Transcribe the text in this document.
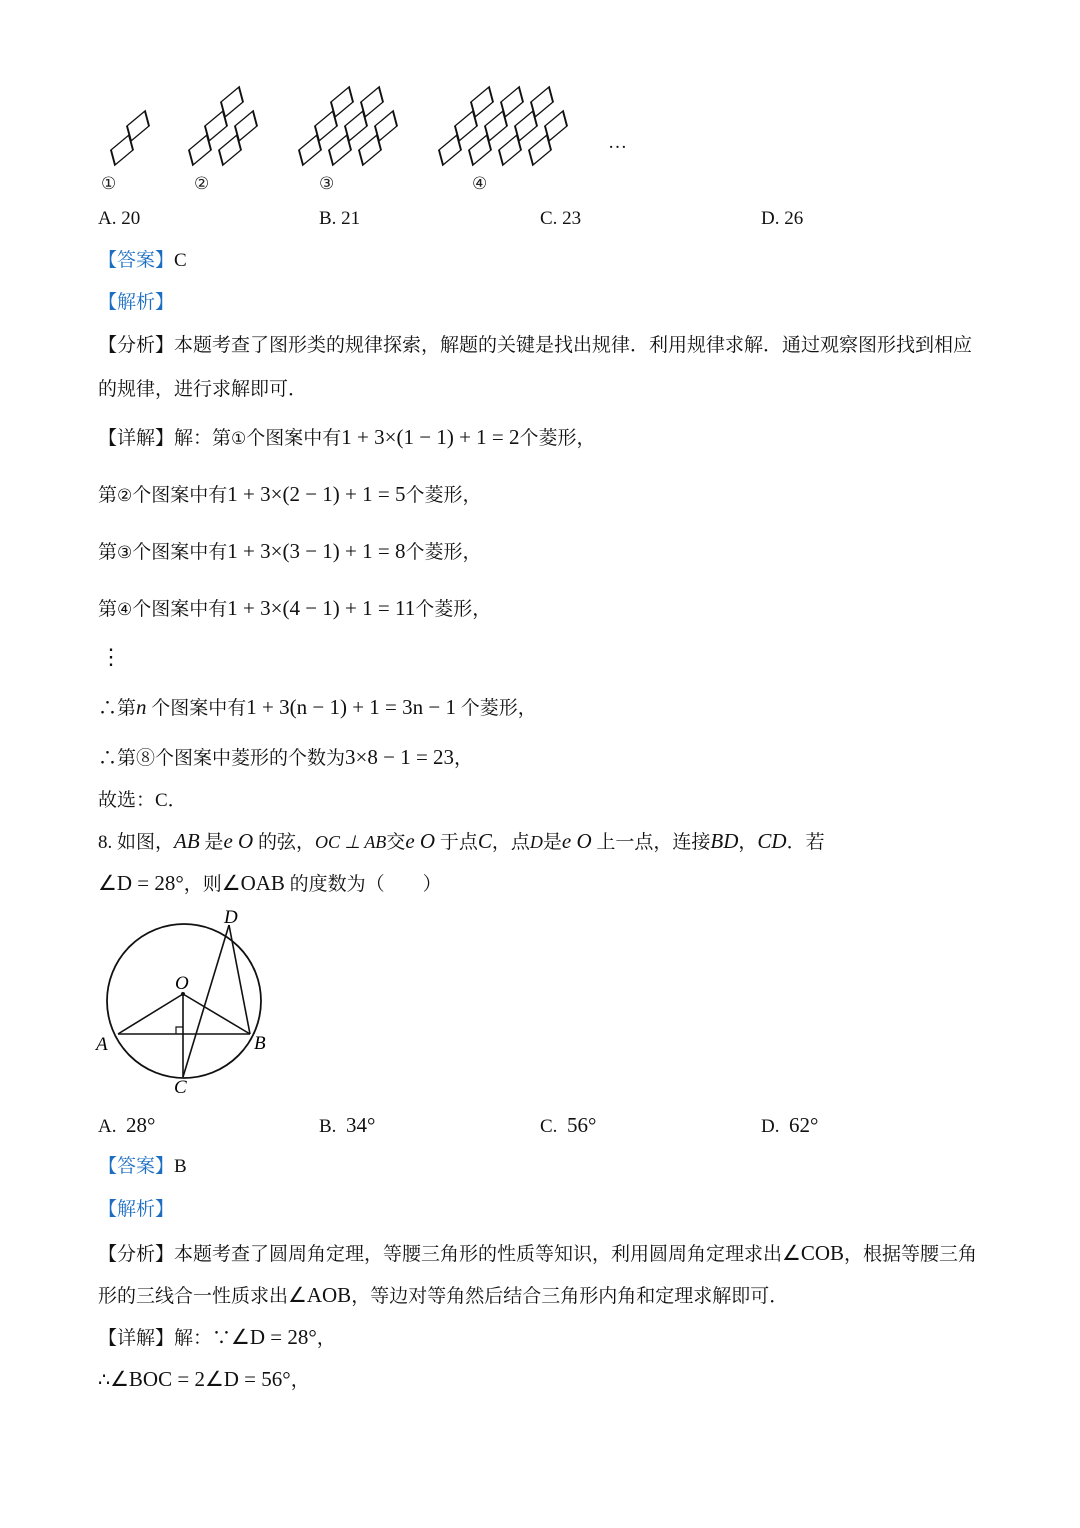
①	②	③	④
…
A. 20	B. 21	C. 23	D. 26
【答案】C
【解析】
【分析】本题考查了图形类的规律探索，解题的关键是找出规律．利用规律求解．通过观察图形找到相应
的规律，进行求解即可．
【详解】解：第①个图案中有1 + 3×(1 − 1) + 1 = 2个菱形，
第②个图案中有1 + 3×(2 − 1) + 1 = 5个菱形，
第③个图案中有1 + 3×(3 − 1) + 1 = 8个菱形，
第④个图案中有1 + 3×(4 − 1) + 1 = 11个菱形，
⋮
∴第n 个图案中有1 + 3(n − 1) + 1 = 3n − 1 个菱形，
∴第⑧个图案中菱形的个数为3×8 − 1 = 23，
故选：C．
8. 如图，AB 是e O 的弦，OC ⊥ AB交e O 于点C，点D是e O 上一点，连接BD，CD．若
∠D = 28°，则∠OAB 的度数为（　　）
D
O
A	B
C
A. 28°	B. 34°	C. 56°	D. 62°
【答案】B
【解析】
【分析】本题考查了圆周角定理，等腰三角形的性质等知识，利用圆周角定理求出∠COB，根据等腰三角
形的三线合一性质求出∠AOB，等边对等角然后结合三角形内角和定理求解即可．
【详解】解：∵∠D = 28°，
∴∠BOC = 2∠D = 56°，
